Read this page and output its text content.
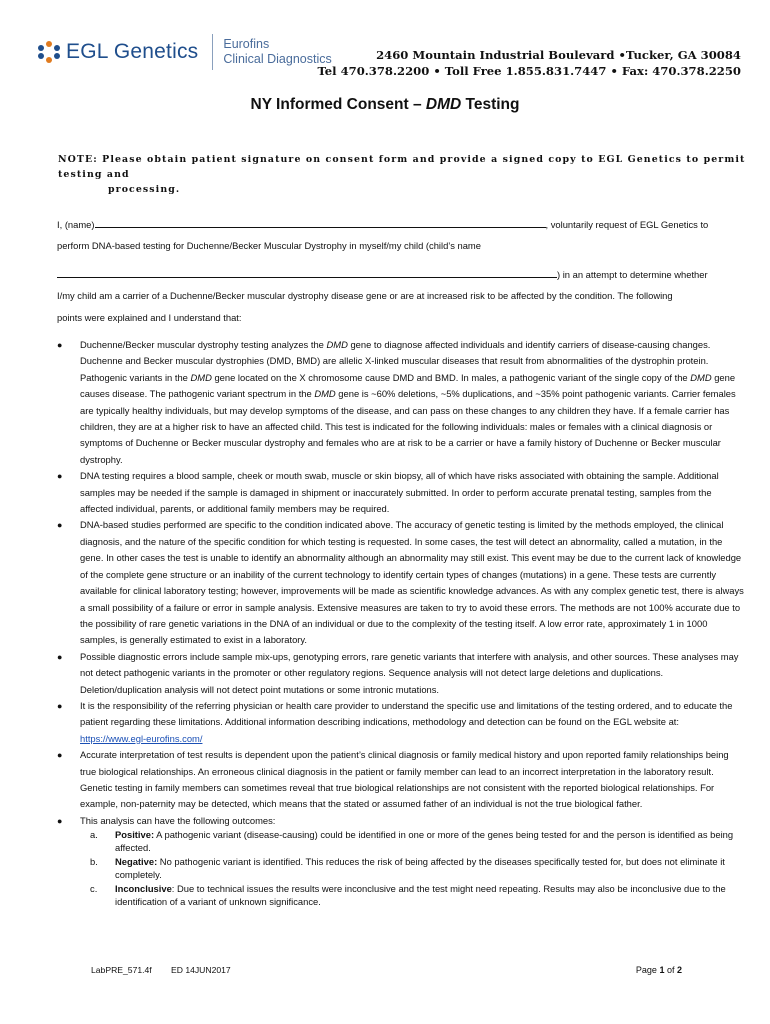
EGL Genetics Eurofins
Clinical Diagnostics	2460 Mountain Industrial Boulevard •Tucker, GA 30084
Tel 470.378.2200 • Toll Free 1.855.831.7447 • Fax: 470.378.2250
NY Informed Consent – DMD Testing
NOTE: Please obtain patient signature on consent form and provide a signed copy to EGL Genetics to permit testing and
processing.
I, (name)	, voluntarily request of EGL Genetics to
perform DNA-based testing for Duchenne/Becker Muscular Dystrophy in myself/my child (child’s name
) in an attempt to determine whether
I/my child am a carrier of a Duchenne/Becker muscular dystrophy disease gene or are at increased risk to be affected by the condition. The following
points were explained and I understand that:
● Duchenne/Becker muscular dystrophy testing analyzes the DMD gene to diagnose affected individuals and identify carriers of disease-causing changes. Duchenne and Becker muscular dystrophies (DMD, BMD) are allelic X-linked muscular diseases that result from abnormalities of the dystrophin protein. Pathogenic variants in the DMD gene located on the X chromosome cause DMD and BMD. In males, a pathogenic variant of the single copy of the DMD gene causes disease. The pathogenic variant spectrum in the DMD gene is ~60% deletions, ~5% duplications, and ~35% point pathogenic variants. Carrier females are typically healthy individuals, but may develop symptoms of the disease, and can pass on these changes to any children they have. If a female carrier has children, they are at a higher risk to have an affected child. This test is indicated for the following individuals: males or females with a clinical diagnosis or symptoms of Duchenne or Becker muscular dystrophy and females who are at risk to be a carrier or have a family history of Duchenne or Becker muscular dystrophy.
● DNA testing requires a blood sample, cheek or mouth swab, muscle or skin biopsy, all of which have risks associated with obtaining the sample. Additional samples may be needed if the sample is damaged in shipment or inaccurately submitted. In order to perform accurate prenatal testing, samples from the affected individual, parents, or additional family members may be required.
● DNA-based studies performed are specific to the condition indicated above. The accuracy of genetic testing is limited by the methods employed, the clinical diagnosis, and the nature of the specific condition for which testing is requested. In some cases, the test will detect an abnormality, called a mutation, in the gene. In other cases the test is unable to identify an abnormality although an abnormality may still exist. This event may be due to the current lack of knowledge of the complete gene structure or an inability of the current technology to identify certain types of changes (mutations) in a gene. These tests are currently available for clinical laboratory testing; however, improvements will be made as scientific knowledge advances. As with any complex genetic test, there is always a small possibility of a failure or error in sample analysis. Extensive measures are taken to try to avoid these errors. The methods are not 100% accurate due to the possibility of rare genetic variations in the DNA of an individual or due to the complexity of the testing itself. A low error rate, approximately 1 in 1000 samples, is generally estimated to exist in a laboratory.
● Possible diagnostic errors include sample mix-ups, genotyping errors, rare genetic variants that interfere with analysis, and other sources. These analyses may not detect pathogenic variants in the promoter or other regulatory regions. Sequence analysis will not detect large deletions and duplications. Deletion/duplication analysis will not detect point mutations or some intronic mutations.
● It is the responsibility of the referring physician or health care provider to understand the specific use and limitations of the testing ordered, and to educate the patient regarding these limitations. Additional information describing indications, methodology and detection can be found on the EGL website at: https://www.egl-eurofins.com/
● Accurate interpretation of test results is dependent upon the patient’s clinical diagnosis or family medical history and upon reported family relationships being true biological relationships. An erroneous clinical diagnosis in the patient or family member can lead to an incorrect interpretation in the laboratory result. Genetic testing in family members can sometimes reveal that true biological relationships are not consistent with the reported biological relationships. For example, non-paternity may be detected, which means that the stated or assumed father of an individual is not the true biological father.
● This analysis can have the following outcomes:
a. Positive: A pathogenic variant (disease-causing) could be identified in one or more of the genes being tested for and the person is identified as being affected.
b. Negative: No pathogenic variant is identified. This reduces the risk of being affected by the diseases specifically tested for, but does not eliminate it completely.
c. Inconclusive: Due to technical issues the results were inconclusive and the test might need repeating. Results may also be inconclusive due to the identification of a variant of unknown significance.
LabPRE_571.4f ED 14JUN2017	Page 1 of 2
